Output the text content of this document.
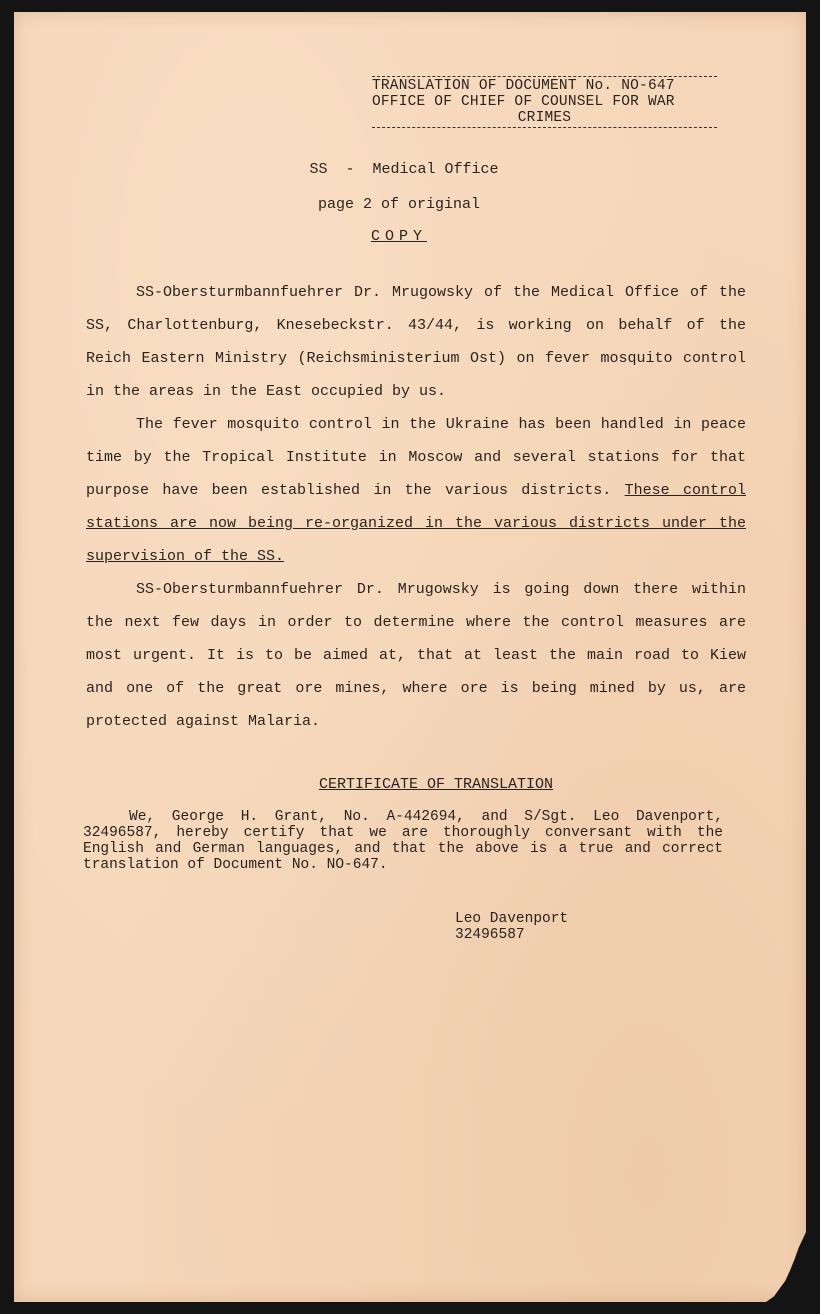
TRANSLATION OF DOCUMENT No. NO-647
OFFICE OF CHIEF OF COUNSEL FOR WAR
CRIMES
SS  -  Medical Office
page 2 of original
COPY

SS-Obersturmbannfuehrer Dr. Mrugowsky of the Medical Office of the SS, Charlottenburg, Knesebeckstr. 43/44, is working on behalf of the Reich Eastern Ministry (Reichsministerium Ost) on fever mosquito control in the areas in the East occupied by us.

The fever mosquito control in the Ukraine has been handled in peace time by the Tropical Institute in Moscow and several stations for that purpose have been established in the various districts. These control stations are now being re-organized in the various districts under the supervision of the SS.

SS-Obersturmbannfuehrer Dr. Mrugowsky is going down there within the next few days in order to determine where the control measures are most urgent. It is to be aimed at, that at least the main road to Kiew and one of the great ore mines, where ore is being mined by us, are protected against Malaria.

CERTIFICATE OF TRANSLATION

We, George H. Grant, No. A-442694, and S/Sgt. Leo Davenport, 32496587, hereby certify that we are thoroughly conversant with the English and German languages, and that the above is a true and correct translation of Document No. NO-647.

Leo Davenport
32496587
